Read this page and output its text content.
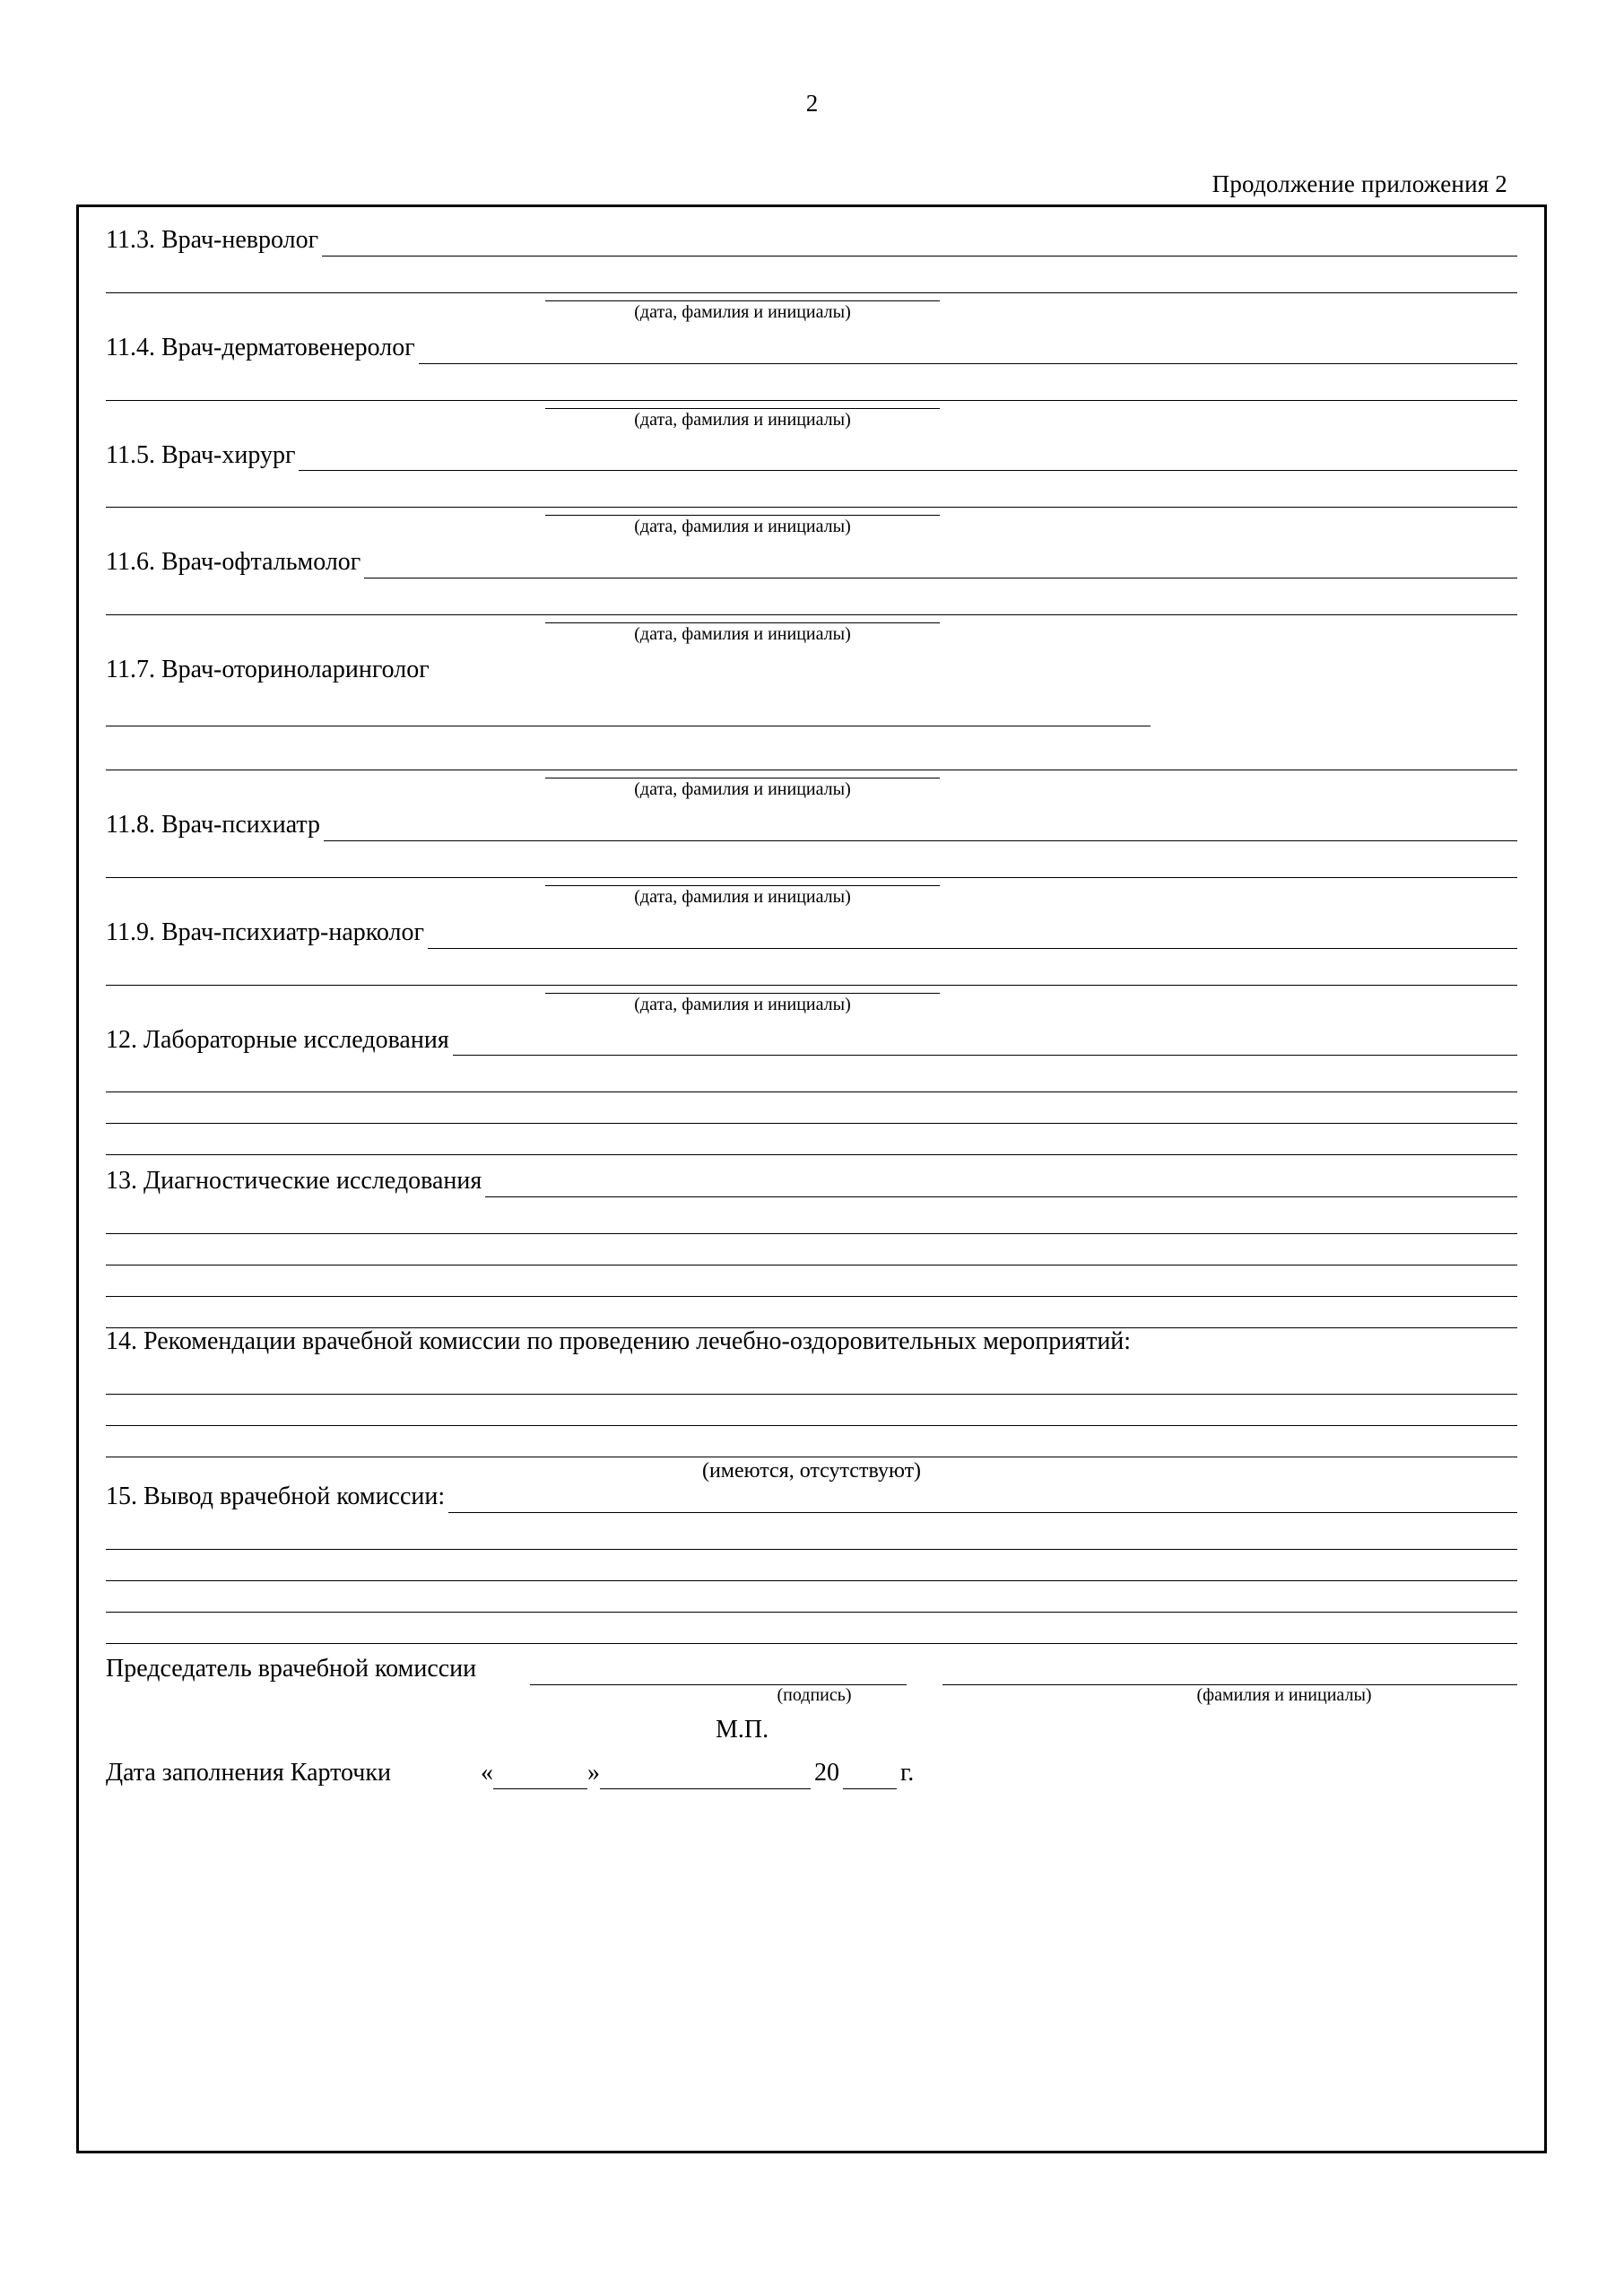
2
Продолжение приложения 2
11.3. Врач-невролог
(дата, фамилия и инициалы)
11.4. Врач-дерматовенеролог
(дата, фамилия и инициалы)
11.5. Врач-хирург
(дата, фамилия и инициалы)
11.6. Врач-офтальмолог
(дата, фамилия и инициалы)
11.7. Врач-оториноларинголог
(дата, фамилия и инициалы)
11.8. Врач-психиатр
(дата, фамилия и инициалы)
11.9. Врач-психиатр-нарколог
(дата, фамилия и инициалы)
12. Лабораторные исследования
13. Диагностические исследования
14. Рекомендации врачебной комиссии по проведению лечебно-оздоровительных мероприятий:
(имеются, отсутствуют)
15. Вывод врачебной комиссии:
Председатель врачебной комиссии
(подпись)	(фамилия и инициалы)
М.П.
Дата заполнения Карточки	«	»	20 г.
